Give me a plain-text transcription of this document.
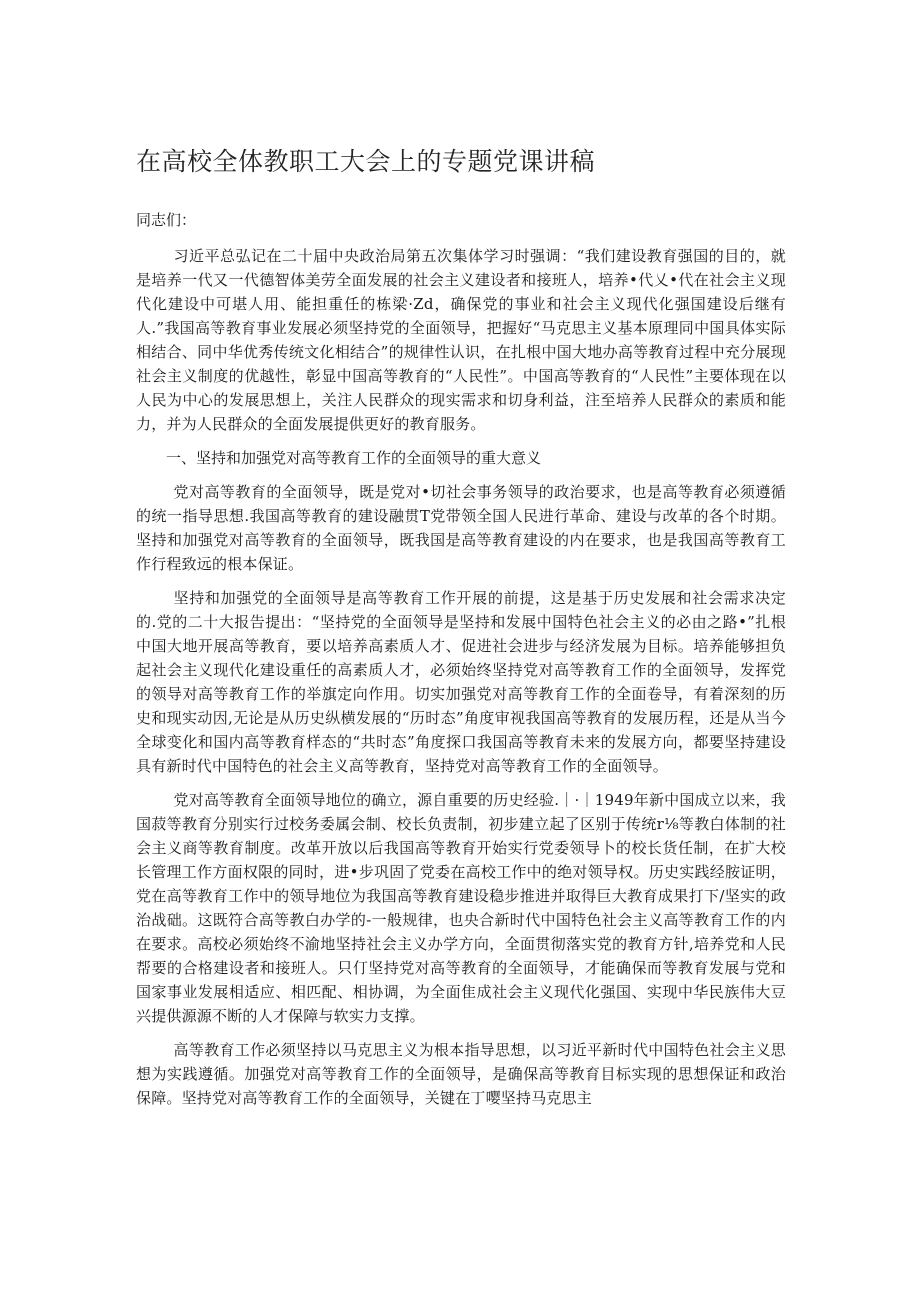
在高校全体教职工大会上的专题党课讲稿

同志们：

习近平总弘记在二十届中央政治局第五次集体学习时强调：“我们建设教育强国的目的，就是培养一代又一代德智体美劳全面发展的社会主义建设者和接班人，培养•代乂•代在社会主义现代化建设中可堪人用、能担重任的栋梁·Zd，确保党的事业和社会主义现代化强国建设后继有人.”我国高等教育事业发展必须坚持党的全面领导，把握好“马克思主义基本原理同中国具体实际相结合、同中华优秀传统文化相结合”的规律性认识，在扎根中国大地办高等教育过程中充分展现社会主义制度的优越性，彰显中国高等教育的“人民性”。中国高等教育的“人民性”主要体现在以人民为中心的发展思想上，关注人民群众的现实需求和切身利益，注至培养人民群众的素质和能力，并为人民群众的全面发展提供更好的教育服务。

一、坚持和加强党对高等教育工作的全面领导的重大意义

党对高等教育的全面领导，既是党对•切社会事务领导的政治要求，也是高等教育必须遵循的统一指导思想.我国高等教育的建设融贯T党带领全国人民进行革命、建设与改革的各个时期。坚持和加强党对高等教育的全面领导，既我国是高等教育建设的内在要求，也是我国高等教育工作行程致远的根本保证。

坚持和加强党的全面领导是高等教育工作开展的前提，这是基于历史发展和社会需求决定的.党的二十大报告提出：“坚持党的全面领导是坚持和发展中国特色社会主义的必由之路•”扎根中国大地开展高等教育，要以培养高素质人才、促进社会进步与经济发展为目标。培养能够担负起社会主义现代化建设重任的高素质人才，必须始终坚持党对高等教育工作的全面领导，发挥党的领导对高等教育工作的举旗定向作用。切实加强党对高等教育工作的全面卷导，有着深刻的历史和现实动因,无论是从历史纵横发展的“历时态”角度审视我国高等教育的发展历程，还是从当今全球变化和国内高等教育样态的“共时态”角度探口我国高等教育未来的发展方向，都要坚持建设具有新时代中国特色的社会主义高等教育，坚持党对高等教育工作的全面领导。

党对高等教育全面领导地位的确立，源自重要的历史经验.｜·｜1949年新中国成立以来，我国菽等教育分别实行过校务委属会制、校长负责制，初步建立起了区别于传统r⅛等教白体制的社会主义商等教育制度。改革开放以后我国高等教育开始实行党委领导卜的校长货任制，在扩大校长管理工作方面权限的同时，进•步巩固了党委在高校工作中的绝对领导权。历史实践经胺证明，党在高等教育工作中的领导地位为我国高等教育建设稳步推进并取得巨大教育成果打下/坚实的政治战础。这既符合高等教白办学的-一般规律，也央合新时代中国特色社会主义高等教育工作的内在要求。高校必须始终不渝地坚持社会主义办学方向，全面贯彻落实党的教育方针,培养党和人民帮要的合格建设者和接班人。只仃坚持党对高等教育的全面领导，才能确保而等教育发展与党和国家事业发展相适应、相匹配、相协调，为全面隹成社会主义现代化强国、实现中华民族伟大豆兴提供源源不断的人才保障与软实力支撑。

高等教育工作必须坚持以马克思主义为根本指导思想，以习近平新时代中国特色社会主义思想为实践遵循。加强党对高等教育工作的全面领导，是确保高等教育目标实现的思想保证和政治保障。坚持党对高等教育工作的全面领导，关键在丁嘤坚持马克思主
